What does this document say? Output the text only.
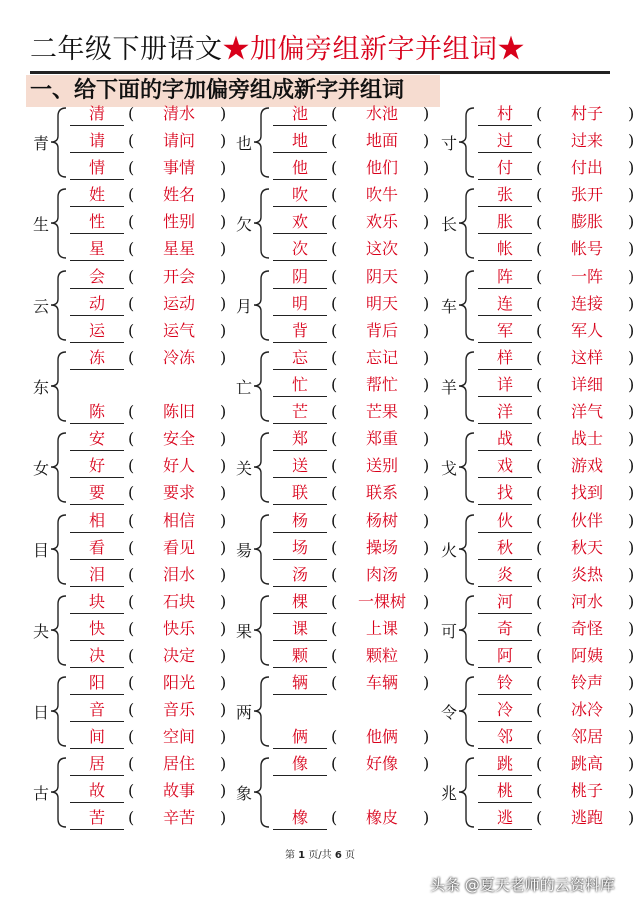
二年级下册语文★加偏旁组新字并组词★
一、给下面的字加偏旁组成新字并组词
青
清	(	清水	)
请	(	请问	)
情	(	事情	)
生
姓	(	姓名	)
性	(	性别	)
星	(	星星	)
云
会	(	开会	)
动	(	运动	)
运	(	运气	)
东
冻	(	冷冻	)
陈	(	陈旧	)
女
安	(	安全	)
好	(	好人	)
要	(	要求	)
目
相	(	相信	)
看	(	看见	)
泪	(	泪水	)
夬
块	(	石块	)
快	(	快乐	)
决	(	决定	)
日
阳	(	阳光	)
音	(	音乐	)
间	(	空间	)
古
居	(	居住	)
故	(	故事	)
苦	(	辛苦	)
也
池	(	水池	)
地	(	地面	)
他	(	他们	)
欠
吹	(	吹牛	)
欢	(	欢乐	)
次	(	这次	)
月
阴	(	阴天	)
明	(	明天	)
背	(	背后	)
亡
忘	(	忘记	)
忙	(	帮忙	)
芒	(	芒果	)
关
郑	(	郑重	)
送	(	送别	)
联	(	联系	)
昜
杨	(	杨树	)
场	(	操场	)
汤	(	肉汤	)
果
棵	(	一棵树	)
课	(	上课	)
颗	(	颗粒	)
两
辆	(	车辆	)
俩	(	他俩	)
象
像	(	好像	)
橡	(	橡皮	)
寸
村	(	村子	)
过	(	过来	)
付	(	付出	)
长
张	(	张开	)
胀	(	膨胀	)
帐	(	帐号	)
车
阵	(	一阵	)
连	(	连接	)
军	(	军人	)
羊
样	(	这样	)
详	(	详细	)
洋	(	洋气	)
戈
战	(	战士	)
戏	(	游戏	)
找	(	找到	)
火
伙	(	伙伴	)
秋	(	秋天	)
炎	(	炎热	)
可
河	(	河水	)
奇	(	奇怪	)
阿	(	阿姨	)
令
铃	(	铃声	)
冷	(	冰冷	)
邻	(	邻居	)
兆
跳	(	跳高	)
桃	(	桃子	)
逃	(	逃跑	)
第 1 页/共 6 页
头条 @夏天老师的云资料库
